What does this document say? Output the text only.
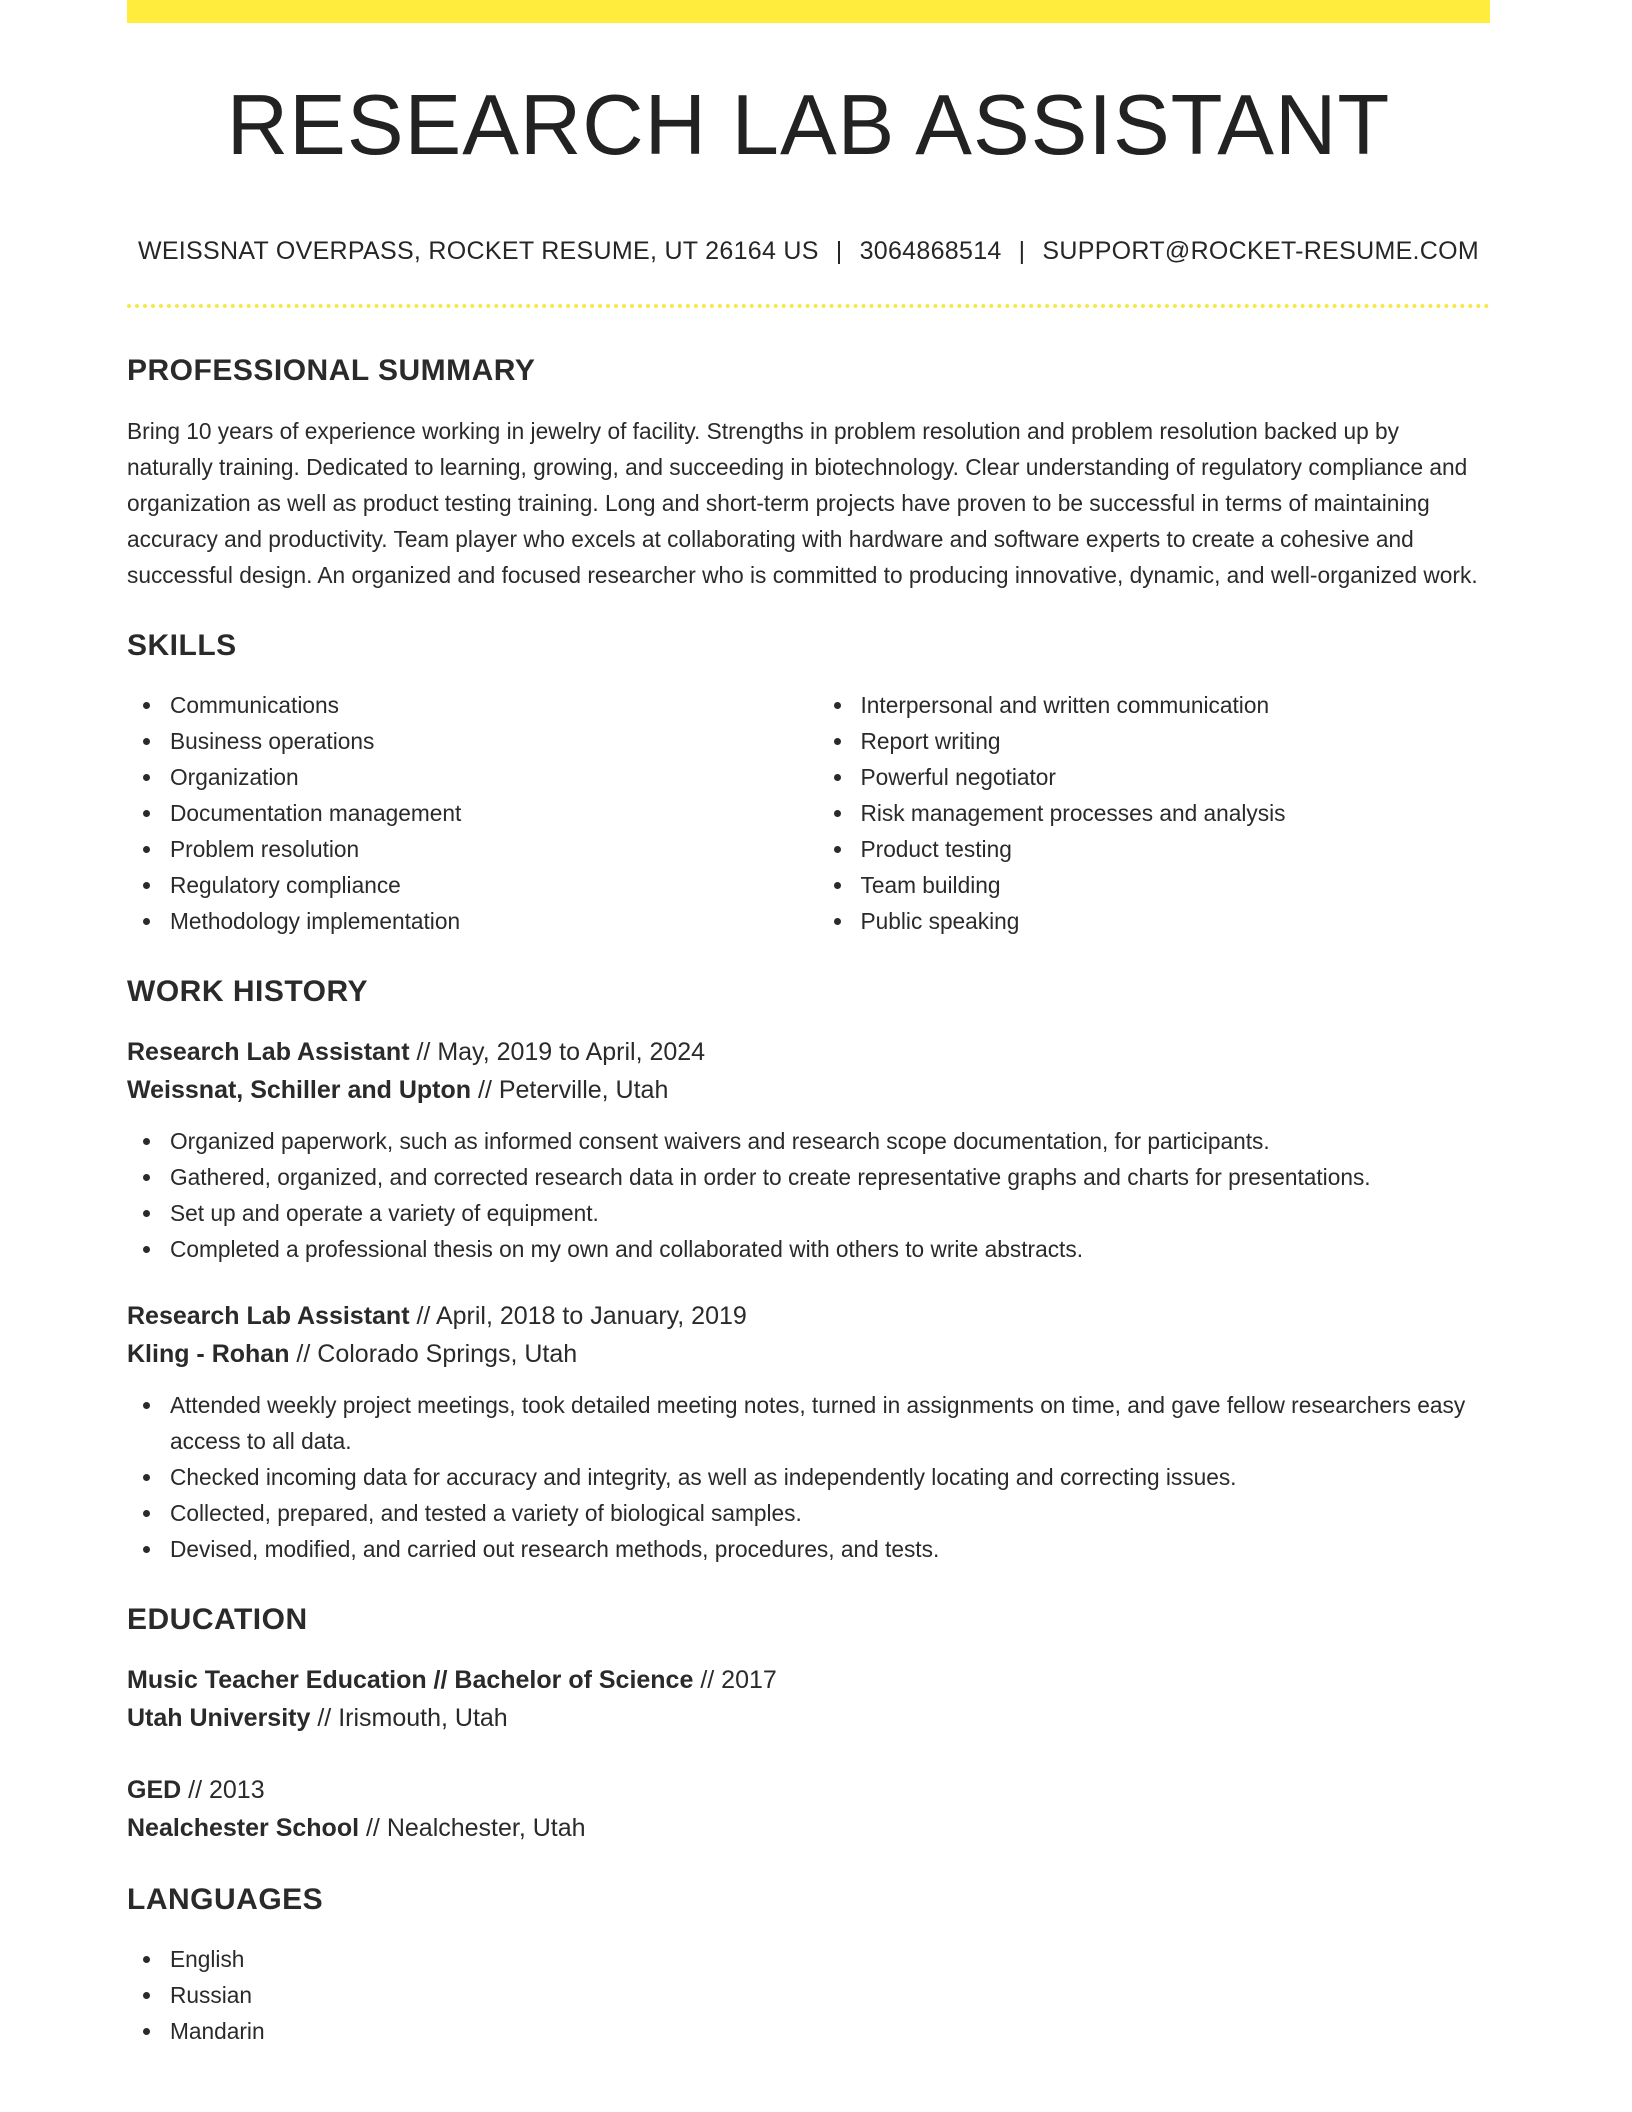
RESEARCH LAB ASSISTANT
WEISSNAT OVERPASS, ROCKET RESUME, UT 26164 US | 3064868514 | SUPPORT@ROCKET-RESUME.COM
PROFESSIONAL SUMMARY

Bring 10 years of experience working in jewelry of facility. Strengths in problem resolution and problem resolution backed up by naturally training. Dedicated to learning, growing, and succeeding in biotechnology. Clear understanding of regulatory compliance and organization as well as product testing training. Long and short-term projects have proven to be successful in terms of maintaining accuracy and productivity. Team player who excels at collaborating with hardware and software experts to create a cohesive and successful design. An organized and focused researcher who is committed to producing innovative, dynamic, and well-organized work.

SKILLS
Communications
Business operations
Organization
Documentation management
Problem resolution
Regulatory compliance
Methodology implementation
Interpersonal and written communication
Report writing
Powerful negotiator
Risk management processes and analysis
Product testing
Team building
Public speaking
WORK HISTORY
Research Lab Assistant // May, 2019 to April, 2024
Weissnat, Schiller and Upton // Peterville, Utah
Organized paperwork, such as informed consent waivers and research scope documentation, for participants.
Gathered, organized, and corrected research data in order to create representative graphs and charts for presentations.
Set up and operate a variety of equipment.
Completed a professional thesis on my own and collaborated with others to write abstracts.
Research Lab Assistant // April, 2018 to January, 2019
Kling - Rohan // Colorado Springs, Utah
Attended weekly project meetings, took detailed meeting notes, turned in assignments on time, and gave fellow researchers easy access to all data.
Checked incoming data for accuracy and integrity, as well as independently locating and correcting issues.
Collected, prepared, and tested a variety of biological samples.
Devised, modified, and carried out research methods, procedures, and tests.
EDUCATION
Music Teacher Education // Bachelor of Science // 2017
Utah University // Irismouth, Utah
GED // 2013
Nealchester School // Nealchester, Utah
LANGUAGES
English
Russian
Mandarin
